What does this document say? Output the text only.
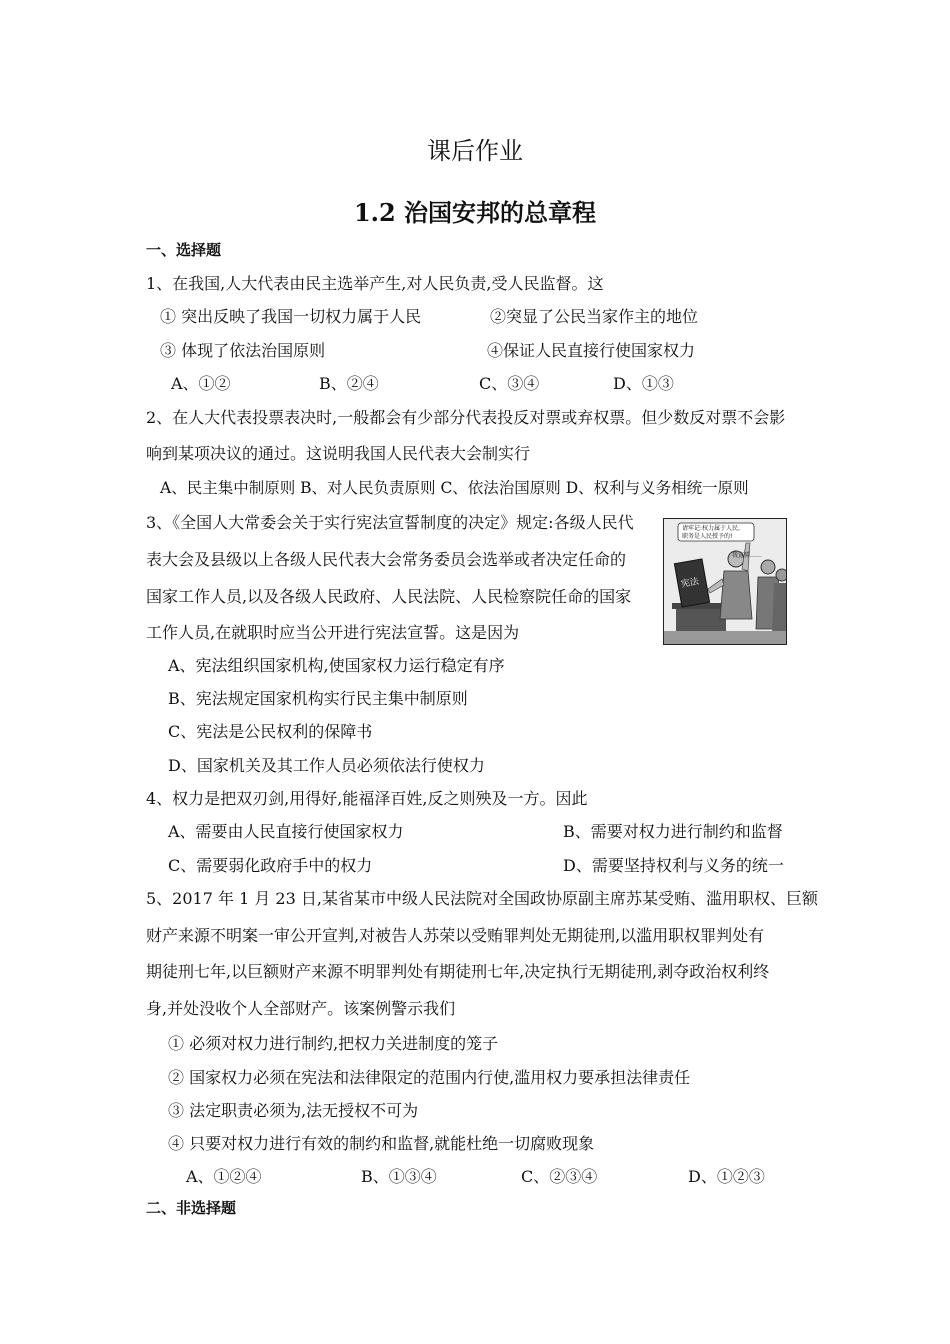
课后作业
1.2 治国安邦的总章程
一、选择题
1、在我国,人大代表由民主选举产生,对人民负责,受人民监督。这
① 突出反映了我国一切权力属于人民	②突显了公民当家作主的地位
③ 体现了依法治国原则	④保证人民直接行使国家权力
A、①②	B、②④	C、③④	D、①③
2、在人大代表投票表决时,一般都会有少部分代表投反对票或弃权票。但少数反对票不会影
响到某项决议的通过。这说明我国人民代表大会制实行
A、民主集中制原则 B、对人民负责原则 C、依法治国原则 D、权利与义务相统一原则
3、《全国人大常委会关于实行宪法宣誓制度的决定》规定:各级人民代
表大会及县级以上各级人民代表大会常务委员会选举或者决定任命的
国家工作人员,以及各级人民政府、人民法院、人民检察院任命的国家
工作人员,在就职时应当公开进行宪法宣誓。这是因为
请牢记:权力属于人民,
职务是人民授予的!
宪法
我宣誓……
A、宪法组织国家机构,使国家权力运行稳定有序
B、宪法规定国家机构实行民主集中制原则
C、宪法是公民权利的保障书
D、国家机关及其工作人员必须依法行使权力
4、权力是把双刃剑,用得好,能福泽百姓,反之则殃及一方。因此
A、需要由人民直接行使国家权力	B、需要对权力进行制约和监督
C、需要弱化政府手中的权力	D、需要坚持权利与义务的统一
5、2017 年 1 月 23 日,某省某市中级人民法院对全国政协原副主席苏某受贿、滥用职权、巨额
财产来源不明案一审公开宣判,对被告人苏荣以受贿罪判处无期徒刑,以滥用职权罪判处有
期徒刑七年,以巨额财产来源不明罪判处有期徒刑七年,决定执行无期徒刑,剥夺政治权利终
身,并处没收个人全部财产。该案例警示我们
① 必须对权力进行制约,把权力关进制度的笼子
② 国家权力必须在宪法和法律限定的范围内行使,滥用权力要承担法律责任
③ 法定职责必须为,法无授权不可为
④ 只要对权力进行有效的制约和监督,就能杜绝一切腐败现象
A、①②④	B、①③④	C、②③④	D、①②③
二、非选择题
